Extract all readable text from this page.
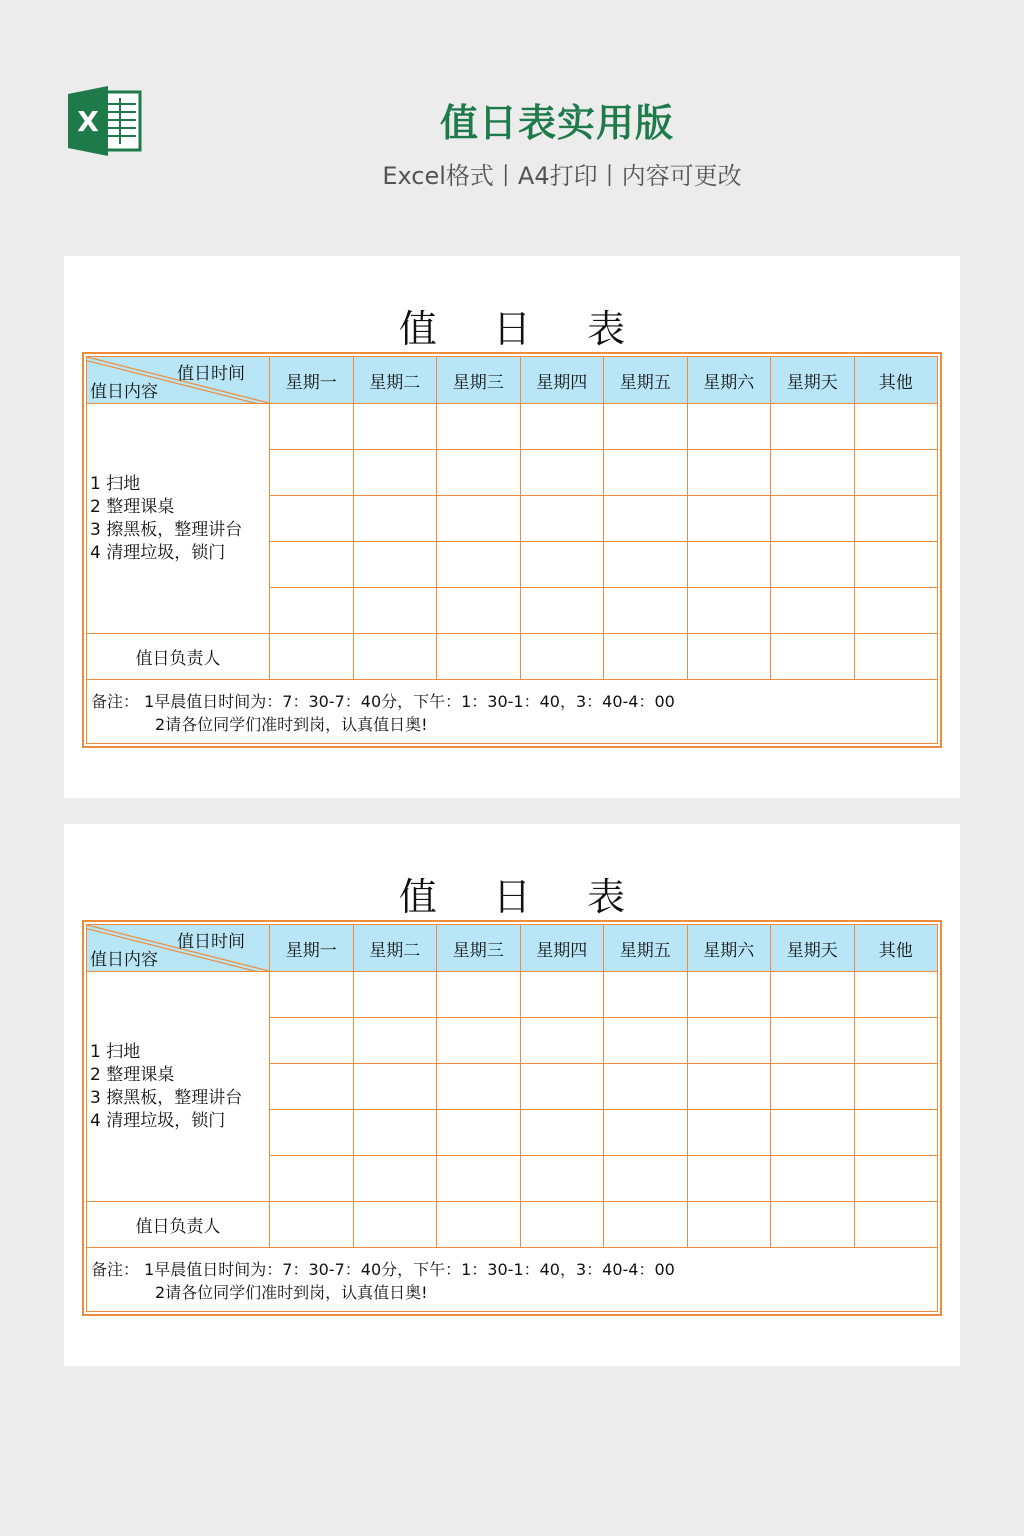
X	值日表实用版
Excel格式丨A4打印丨内容可更改
值 日 表
值日时间
值日内容	星期一	星期二	星期三	星期四	星期五	星期六	星期天	其他

1 扫地
2 整理课桌
3 擦黑板，整理讲台
4 清理垃圾，锁门								

值日负责人								

备注： 1早晨值日时间为：7：30-7：40分，下午：1：30-1：40，3：40-4：00
2请各位同学们准时到岗，认真值日奥!								
值 日 表
值日时间
值日内容	星期一	星期二	星期三	星期四	星期五	星期六	星期天	其他

1 扫地
2 整理课桌
3 擦黑板，整理讲台
4 清理垃圾，锁门								

值日负责人								

备注： 1早晨值日时间为：7：30-7：40分，下午：1：30-1：40，3：40-4：00
2请各位同学们准时到岗，认真值日奥!								
